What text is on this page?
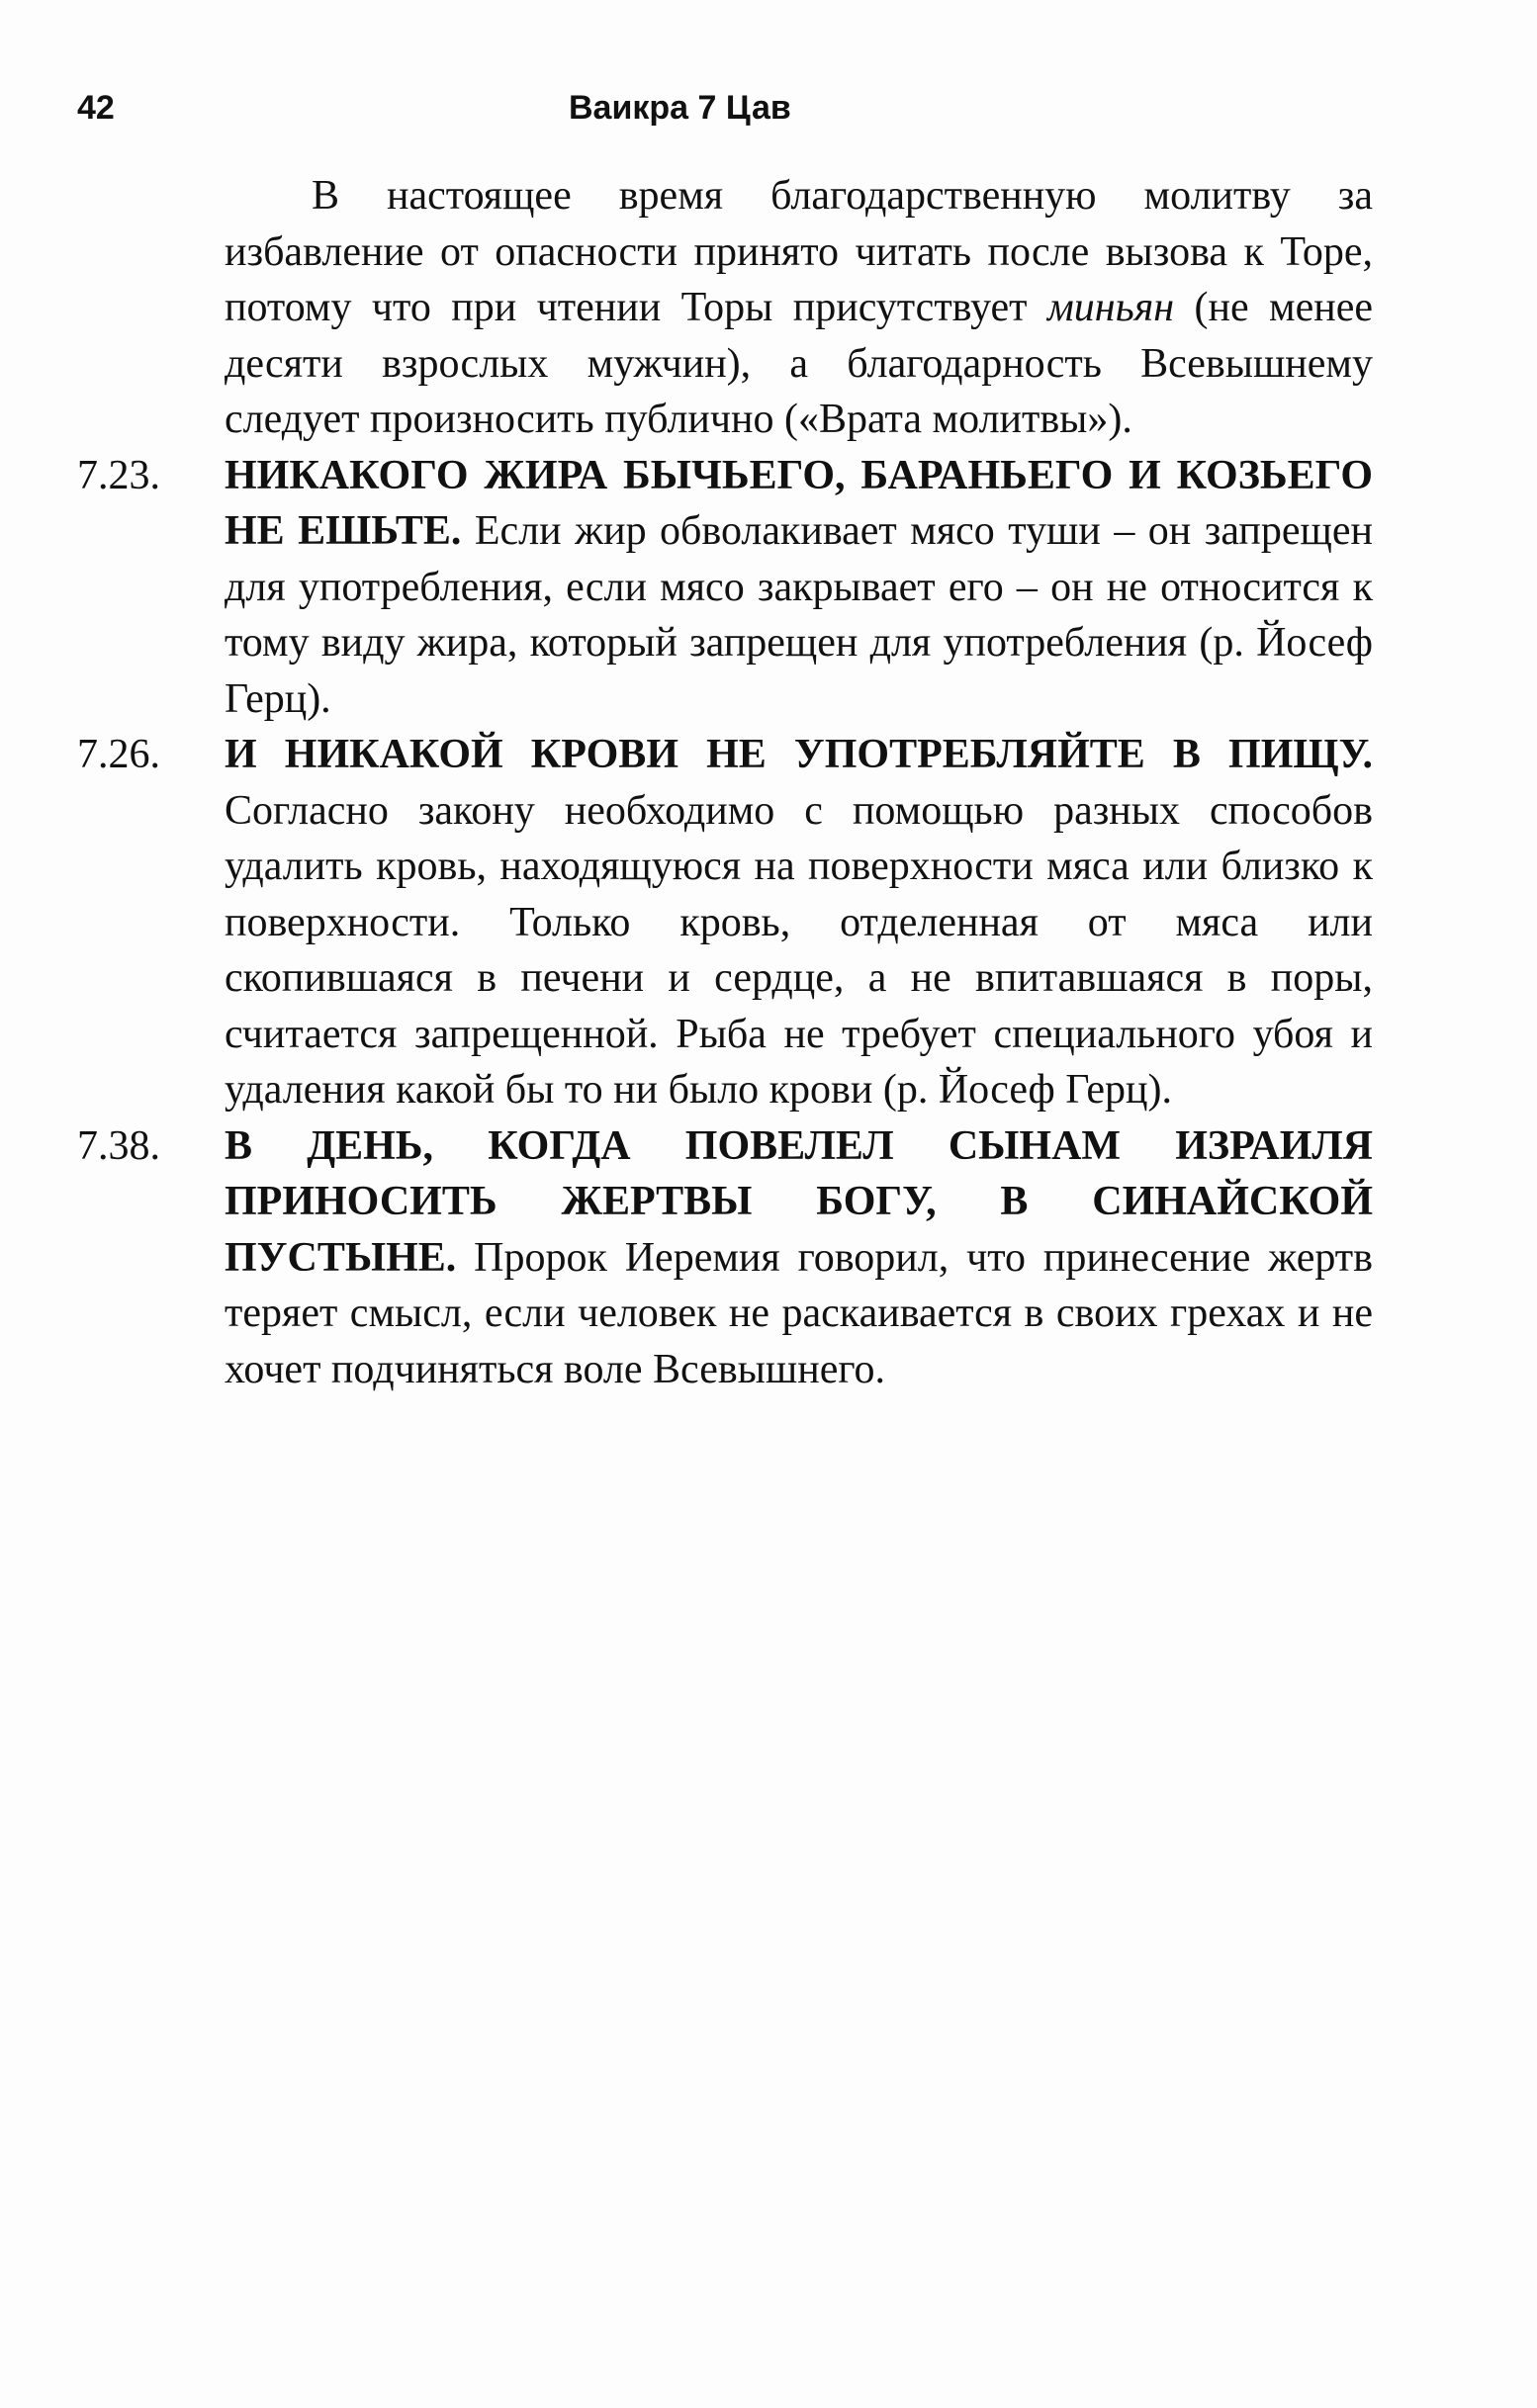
42	Ваикра 7 Цав

В настоящее время благодарственную молитву за избавление от опасности принято читать после вызова к Торе, потому что при чтении Торы присутствует миньян (не менее десяти взрослых мужчин), а благодарность Всевышнему следует произносить публично («Врата молитвы»).

7.23.	НИКАКОГО ЖИРА БЫЧЬЕГО, БАРАНЬЕГО И КОЗЬЕГО НЕ ЕШЬТЕ. Если жир обволакивает мясо туши – он запрещен для употребления, если мясо закрывает его – он не относится к тому виду жира, который запрещен для употребления (р. Йосеф Герц).
7.26.	И НИКАКОЙ КРОВИ НЕ УПОТРЕБЛЯЙТЕ В ПИЩУ. Согласно закону необходимо с помощью разных способов удалить кровь, находящуюся на поверхности мяса или близко к поверхности. Только кровь, отделенная от мяса или скопившаяся в печени и сердце, а не впитавшаяся в поры, считается запрещенной. Рыба не требует специального убоя и удаления какой бы то ни было крови (р. Йосеф Герц).
7.38.	В ДЕНЬ, КОГДА ПОВЕЛЕЛ СЫНАМ ИЗРАИЛЯ ПРИНОСИТЬ ЖЕРТВЫ БОГУ, В СИНАЙСКОЙ ПУСТЫНЕ. Пророк Иеремия говорил, что принесение жертв теряет смысл, если человек не раскаивается в своих грехах и не хочет подчиняться воле Всевышнего.
